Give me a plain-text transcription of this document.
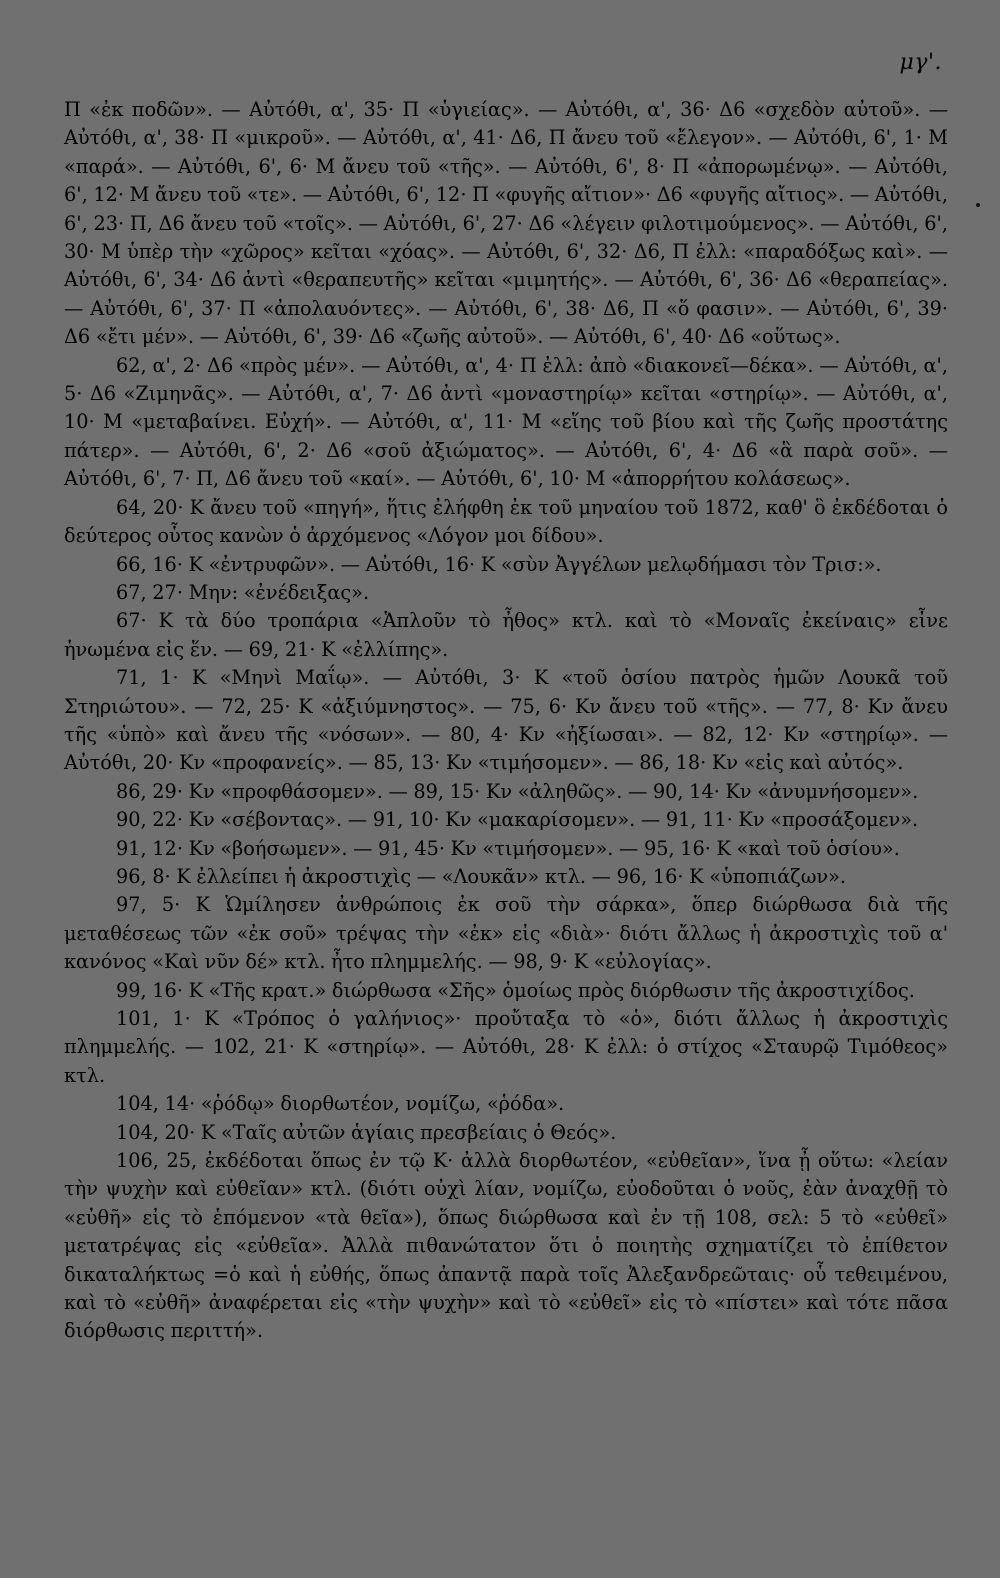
μγ'.

Π «ἐκ ποδῶν». — Αὐτόθι, α', 35· Π «ὑγιείας». — Αὐτόθι, α', 36· Δ6 «σχεδὸν αὐτοῦ». — Αὐτόθι, α', 38· Π «μικροῦ». — Αὐτόθι, α', 41· Δ6, Π ἄνευ τοῦ «ἔλεγον». — Αὐτόθι, 6', 1· Μ «παρά». — Αὐτόθι, 6', 6· Μ ἄνευ τοῦ «τῆς». — Αὐτόθι, 6', 8· Π «ἀπορωμένῳ». — Αὐτόθι, 6', 12· Μ ἄνευ τοῦ «τε». — Αὐτόθι, 6', 12· Π «φυγῆς αἴτιον»· Δ6 «φυγῆς αἴτιος». — Αὐτόθι, 6', 23· Π, Δ6 ἄνευ τοῦ «τοῖς». — Αὐτόθι, 6', 27· Δ6 «λέγειν φιλοτιμούμενος». — Αὐτόθι, 6', 30· Μ ὑπὲρ τὴν «χῶρος» κεῖται «χόας». — Αὐτόθι, 6', 32· Δ6, Π ἐλλ: «παραδόξως καὶ». — Αὐτόθι, 6', 34· Δ6 ἀντὶ «θεραπευτῆς» κεῖται «μιμητής». — Αὐτόθι, 6', 36· Δ6 «θεραπείας». — Αὐτόθι, 6', 37· Π «ἀπολαυόντες». — Αὐτόθι, 6', 38· Δ6, Π «ὅ φασιν». — Αὐτόθι, 6', 39· Δ6 «ἔτι μέν». — Αὐτόθι, 6', 39· Δ6 «ζωῆς αὐτοῦ». — Αὐτόθι, 6', 40· Δ6 «οὕτως».

62, α', 2· Δ6 «πρὸς μέν». — Αὐτόθι, α', 4· Π ἐλλ: ἀπὸ «διακονεῖ—δέκα». — Αὐτόθι, α', 5· Δ6 «Ζιμηνᾶς». — Αὐτόθι, α', 7· Δ6 ἀντὶ «μοναστηρίῳ» κεῖται «στηρίῳ». — Αὐτόθι, α', 10· Μ «μεταβαίνει. Εὐχή». — Αὐτόθι, α', 11· Μ «εἵης τοῦ βίου καὶ τῆς ζωῆς προστάτης πάτερ». — Αὐτόθι, 6', 2· Δ6 «σοῦ ἀξιώματος». — Αὐτόθι, 6', 4· Δ6 «ἃ παρὰ σοῦ». — Αὐτόθι, 6', 7· Π, Δ6 ἄνευ τοῦ «καί». — Αὐτόθι, 6', 10· Μ «ἀπορρήτου κολάσεως».

64, 20· Κ ἄνευ τοῦ «πηγή», ἥτις ἐλήφθη ἐκ τοῦ μηναίου τοῦ 1872, καθ' ὃ ἐκδέδοται ὁ δεύτερος οὗτος κανὼν ὁ ἀρχόμενος «Λόγον μοι δίδου».

66, 16· Κ «ἐντρυφῶν». — Αὐτόθι, 16· Κ «σὺν Ἀγγέλων μελῳδήμασι τὸν Τρισ:».

67, 27· Μην: «ἐνέδειξας».

67· Κ τὰ δύο τροπάρια «Ἁπλοῦν τὸ ἦθος» κτλ. καὶ τὸ «Μοναῖς ἐκείναις» εἶνε ἡνωμένα εἰς ἕν. — 69, 21· Κ «ἐλλίπης».

71, 1· Κ «Μηνὶ Μαΐῳ». — Αὐτόθι, 3· Κ «τοῦ ὁσίου πατρὸς ἡμῶν Λουκᾶ τοῦ Στηριώτου». — 72, 25· Κ «ἀξιύμνηστος». — 75, 6· Κν ἄνευ τοῦ «τῆς». — 77, 8· Κν ἄνευ τῆς «ὑπὸ» καὶ ἄνευ τῆς «νόσων». — 80, 4· Κν «ἠξίωσαι». — 82, 12· Κν «στηρίῳ». — Αὐτόθι, 20· Κν «προφανείς». — 85, 13· Κν «τιμήσομεν». — 86, 18· Κν «εἰς καὶ αὐτός».

86, 29· Κν «προφθάσομεν». — 89, 15· Κν «ἀληθῶς». — 90, 14· Κν «ἀνυμνήσομεν».

90, 22· Κν «σέβοντας». — 91, 10· Κν «μακαρίσομεν». — 91, 11· Κν «προσάξομεν».

91, 12· Κν «βοήσωμεν». — 91, 45· Κν «τιμήσομεν». — 95, 16· Κ «καὶ τοῦ ὁσίου».

96, 8· Κ ἐλλείπει ἡ ἀκροστιχὶς — «Λουκᾶν» κτλ. — 96, 16· Κ «ὑποπιάζων».

97, 5· Κ Ὡμίλησεν ἀνθρώποις ἐκ σοῦ τὴν σάρκα», ὅπερ διώρθωσα διὰ τῆς μεταθέσεως τῶν «ἐκ σοῦ» τρέψας τὴν «ἐκ» εἰς «διὰ»· διότι ἄλλως ἡ ἀκροστιχὶς τοῦ α' κανόνος «Καὶ νῦν δέ» κτλ. ἦτο πλημμελής. — 98, 9· Κ «εὐλογίας».

99, 16· Κ «Τῆς κρατ.» διώρθωσα «Σῆς» ὁμοίως πρὸς διόρθωσιν τῆς ἀκροστιχίδος.

101, 1· Κ «Τρόπος ὁ γαλήνιος»· προὔταξα τὸ «ὁ», διότι ἄλλως ἡ ἀκροστιχὶς πλημμελής. — 102, 21· Κ «στηρίῳ». — Αὐτόθι, 28· Κ ἐλλ: ὁ στίχος «Σταυρῷ Τιμόθεος» κτλ.

104, 14· «ῥόδῳ» διορθωτέον, νομίζω, «ῥόδα».

104, 20· Κ «Ταῖς αὐτῶν ἁγίαις πρεσβείαις ὁ Θεός».

106, 25, ἐκδέδοται ὅπως ἐν τῷ Κ· ἀλλὰ διορθωτέον, «εὐθεῖαν», ἵνα ᾖ οὕτω: «λείαν τὴν ψυχὴν καὶ εὐθεῖαν» κτλ. (διότι οὐχὶ λίαν, νομίζω, εὐοδοῦται ὁ νοῦς, ἐὰν ἀναχθῇ τὸ «εὐθῆ» εἰς τὸ ἑπόμενον «τὰ θεῖα»), ὅπως διώρθωσα καὶ ἐν τῇ 108, σελ: 5 τὸ «εὐθεῖ» μετατρέψας εἰς «εὐθεῖα». Ἀλλὰ πιθανώτατον ὅτι ὁ ποιητὴς σχηματίζει τὸ ἐπίθετον δικαταλήκτως =ὁ καὶ ἡ εὐθής, ὅπως ἀπαντᾷ παρὰ τοῖς Ἀλεξανδρεῶταις· οὗ τεθειμένου, καὶ τὸ «εὐθῆ» ἀναφέρεται εἰς «τὴν ψυχὴν» καὶ τὸ «εὐθεῖ» εἰς τὸ «πίστει» καὶ τότε πᾶσα διόρθωσις περιττή».
